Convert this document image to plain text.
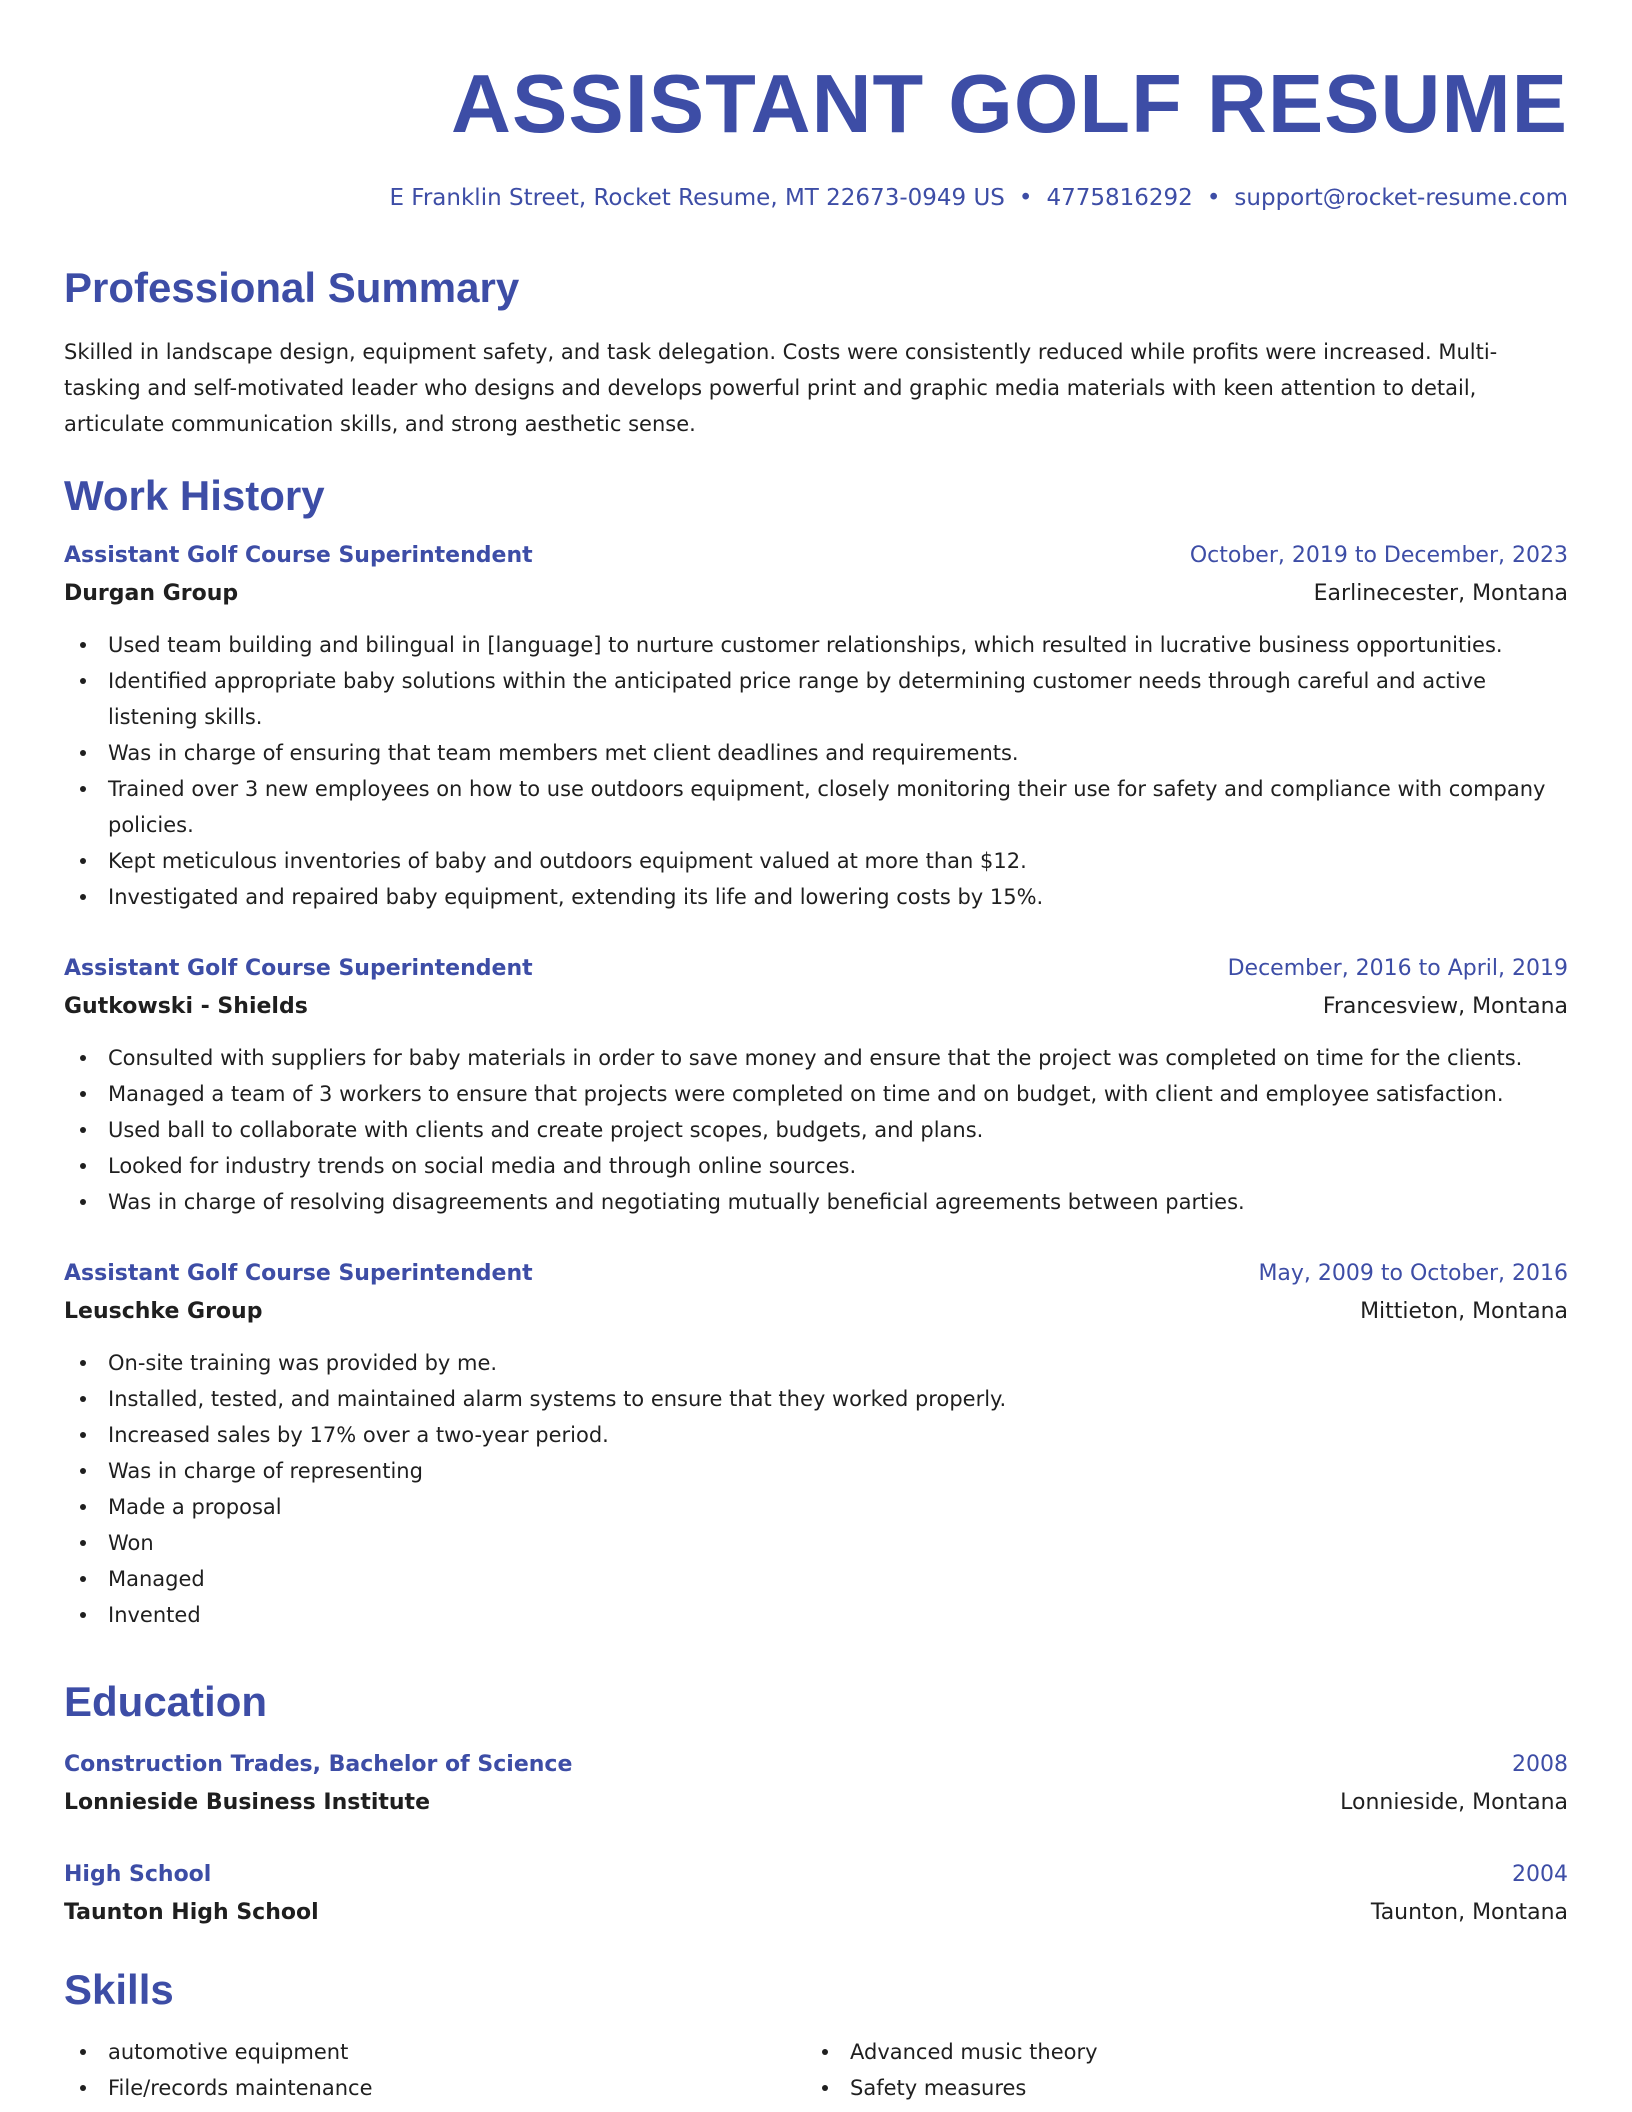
ASSISTANT GOLF RESUME
E Franklin Street, Rocket Resume, MT 22673-0949 US • 4775816292 • support@rocket-resume.com
Professional Summary

Skilled in landscape design, equipment safety, and task delegation. Costs were consistently reduced while profits were increased. Multi-tasking and self-motivated leader who designs and develops powerful print and graphic media materials with keen attention to detail, articulate communication skills, and strong aesthetic sense.

Work History
Assistant Golf Course Superintendent	October, 2019 to December, 2023
Durgan Group	Earlinecester, Montana
Used team building and bilingual in [language] to nurture customer relationships, which resulted in lucrative business opportunities.
Identified appropriate baby solutions within the anticipated price range by determining customer needs through careful and active listening skills.
Was in charge of ensuring that team members met client deadlines and requirements.
Trained over 3 new employees on how to use outdoors equipment, closely monitoring their use for safety and compliance with company policies.
Kept meticulous inventories of baby and outdoors equipment valued at more than $12.
Investigated and repaired baby equipment, extending its life and lowering costs by 15%.
Assistant Golf Course Superintendent	December, 2016 to April, 2019
Gutkowski - Shields	Francesview, Montana
Consulted with suppliers for baby materials in order to save money and ensure that the project was completed on time for the clients.
Managed a team of 3 workers to ensure that projects were completed on time and on budget, with client and employee satisfaction.
Used ball to collaborate with clients and create project scopes, budgets, and plans.
Looked for industry trends on social media and through online sources.
Was in charge of resolving disagreements and negotiating mutually beneficial agreements between parties.
Assistant Golf Course Superintendent	May, 2009 to October, 2016
Leuschke Group	Mittieton, Montana
On-site training was provided by me.
Installed, tested, and maintained alarm systems to ensure that they worked properly.
Increased sales by 17% over a two-year period.
Was in charge of representing
Made a proposal
Won
Managed
Invented
Education
Construction Trades, Bachelor of Science	2008
Lonnieside Business Institute	Lonnieside, Montana
High School	2004
Taunton High School	Taunton, Montana
Skills
automotive equipment
File/records maintenance
Advanced music theory
Safety measures
